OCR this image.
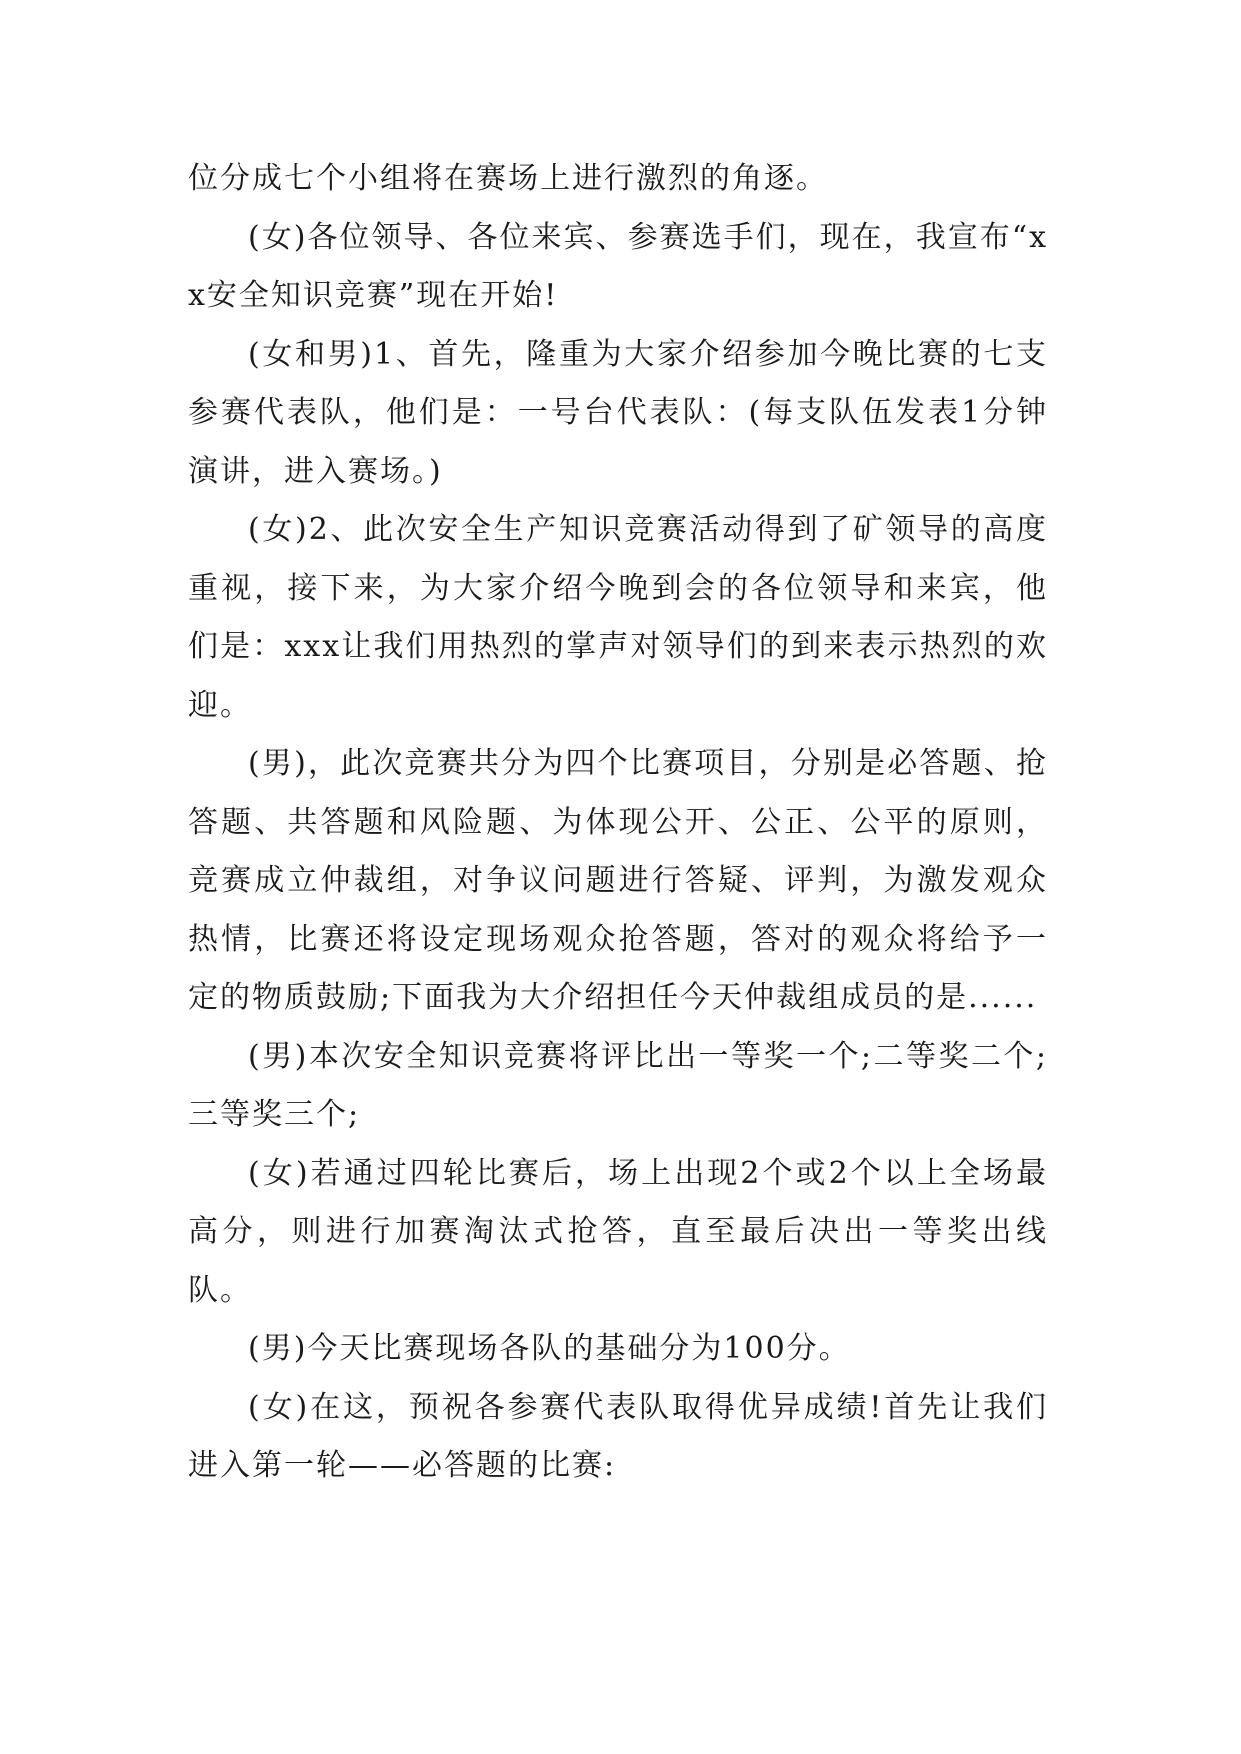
位分成七个小组将在赛场上进行激烈的角逐。

(女)各位领导、各位来宾、参赛选手们，现在，我宣布“xx安全知识竞赛”现在开始!

(女和男)1、首先，隆重为大家介绍参加今晚比赛的七支参赛代表队，他们是：一号台代表队：(每支队伍发表1分钟演讲，进入赛场。)

(女)2、此次安全生产知识竞赛活动得到了矿领导的高度重视，接下来，为大家介绍今晚到会的各位领导和来宾，他们是：xxx让我们用热烈的掌声对领导们的到来表示热烈的欢迎。

(男)，此次竞赛共分为四个比赛项目，分别是必答题、抢答题、共答题和风险题、为体现公开、公正、公平的原则，竞赛成立仲裁组，对争议问题进行答疑、评判，为激发观众热情，比赛还将设定现场观众抢答题，答对的观众将给予一定的物质鼓励;下面我为大介绍担任今天仲裁组成员的是......

(男)本次安全知识竞赛将评比出一等奖一个;二等奖二个;三等奖三个;

(女)若通过四轮比赛后，场上出现2个或2个以上全场最高分，则进行加赛淘汰式抢答，直至最后决出一等奖出线队。

(男)今天比赛现场各队的基础分为100分。

(女)在这，预祝各参赛代表队取得优异成绩!首先让我们进入第一轮——必答题的比赛:
